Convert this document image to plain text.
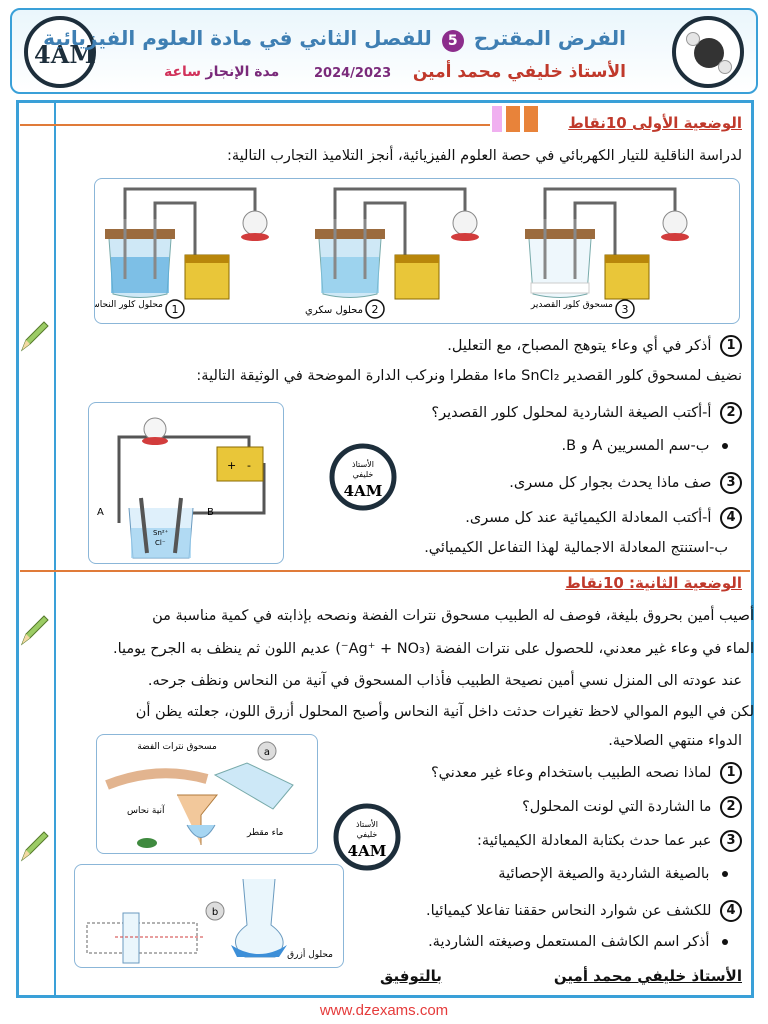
4AM
الفرض المقترح 5 للفصل الثاني في مادة العلوم الفيزيائية
الأستاذ خليفي محمد أمين
2024/2023
مدة الإنجاز ساعة
الوضعية الأولى 10نقاط
لدراسة الناقلية للتيار الكهربائي في حصة العلوم الفيزيائية، أنجز التلاميذ التجارب التالية:
1
محلول كلور النحاس	2
محلول سكري	3
مسحوق كلور القصدير
1 أذكر في أي وعاء يتوهج المصباح، مع التعليل.
نضيف لمسحوق كلور القصدير SnCl₂ ماءا مقطرا ونركب الدارة الموضحة في الوثيقة التالية:
+ -
A	B
Sn²⁺
Cl⁻
الأستاذ
خليفي
4AM
2 أ-أكتب الصيغة الشاردية لمحلول كلور القصدير؟
ب-سم المسريين A و B.
3 صف ماذا يحدث بجوار كل مسرى.
4 أ-أكتب المعادلة الكيميائية عند كل مسرى.
ب-استنتج المعادلة الاجمالية لهذا التفاعل الكيميائي.
الوضعية الثانية: 10نقاط
أصيب أمين بحروق بليغة، فوصف له الطبيب مسحوق نترات الفضة ونصحه بإذابته في كمية مناسبة من
الماء في وعاء غير معدني، للحصول على نترات الفضة (Ag⁺ + NO₃⁻) عديم اللون ثم ينظف به الجرح يوميا.
عند عودته الى المنزل نسي أمين نصيحة الطبيب فأذاب المسحوق في آنية من النحاس ونظف جرحه.
لكن في اليوم الموالي لاحظ تغيرات حدثت داخل آنية النحاس وأصبح المحلول أزرق اللون، جعلته يظن أن
الدواء منتهي الصلاحية.
a
مسحوق نترات الفضة
آنية نحاس
ماء مقطر
b
محلول أزرق
الأستاذ
خليفي
4AM
1 لماذا نصحه الطبيب باستخدام وعاء غير معدني؟
2 ما الشاردة التي لونت المحلول؟
3 عبر عما حدث بكتابة المعادلة الكيميائية:
بالصيغة الشاردية والصيغة الإحصائية
4 للكشف عن شوارد النحاس حققنا تفاعلا كيميائيا.
أذكر اسم الكاشف المستعمل وصيغته الشاردية.
الأستاذ خليفي محمد أمين
بالتوفيق
www.dzexams.com
